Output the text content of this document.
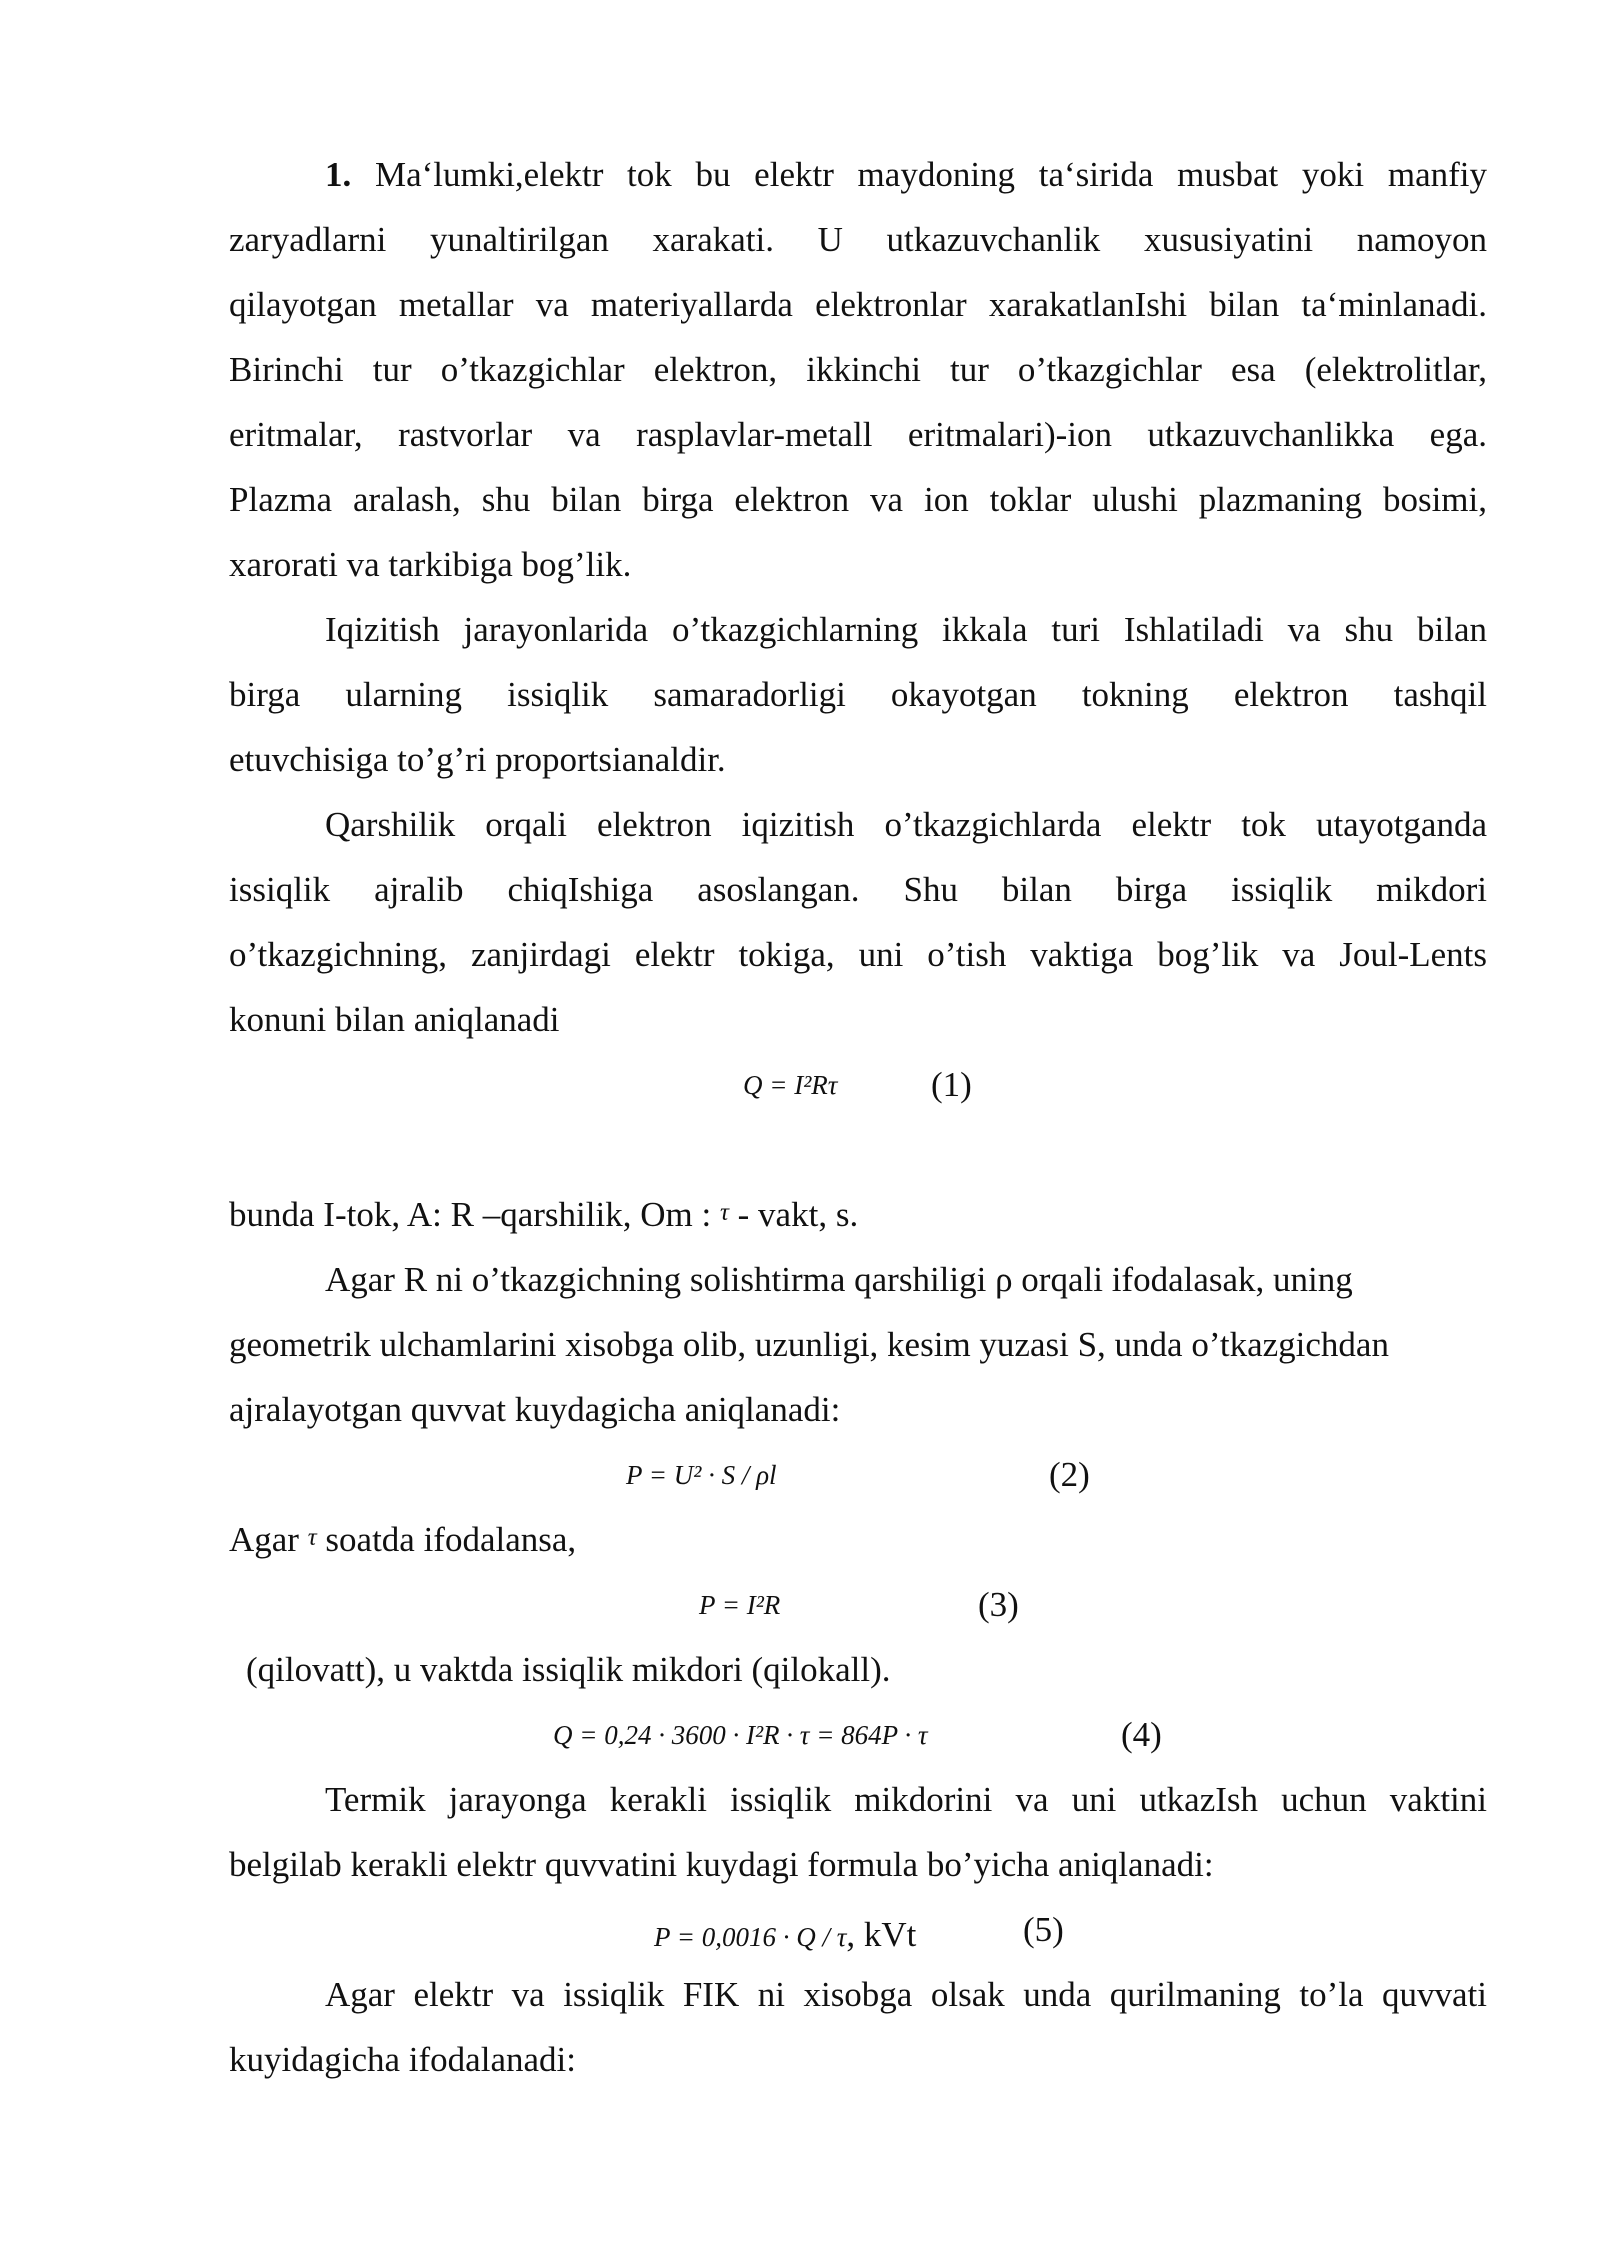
1. Ma‘lumki,elektr tok bu elektr maydoning ta‘sirida musbat yoki manfiy
zaryadlarni yunaltirilgan xarakati. U utkazuvchanlik xususiyatini namoyon
qilayotgan metallar va materiyallarda elektronlar xarakatlanIshi bilan ta‘minlanadi.
Birinchi tur o’tkazgichlar elektron, ikkinchi tur o’tkazgichlar esa (elektrolitlar,
eritmalar, rastvorlar va rasplavlar-metall eritmalari)-ion utkazuvchanlikka ega.
Plazma aralash, shu bilan birga elektron va ion toklar ulushi plazmaning bosimi,
xarorati va tarkibiga bog’lik.
Iqizitish jarayonlarida o’tkazgichlarning ikkala turi Ishlatiladi va shu bilan
birga ularning issiqlik samaradorligi okayotgan tokning elektron tashqil
etuvchisiga to’g’ri proportsianaldir.
Qarshilik orqali elektron iqizitish o’tkazgichlarda elektr tok utayotganda
issiqlik ajralib chiqIshiga asoslangan. Shu bilan birga issiqlik mikdori
o’tkazgichning, zanjirdagi elektr tokiga, uni o’tish vaktiga bog’lik va Joul-Lents
konuni bilan aniqlanadi
Q = I²Rτ	(1)
bunda I-tok, A: R –qarshilik, Om : τ - vakt, s.
Agar R ni o’tkazgichning solishtirma qarshiligi ρ orqali ifodalasak, uning
geometrik ulchamlarini xisobga olib, uzunligi, kesim yuzasi S, unda o’tkazgichdan
ajralayotgan quvvat kuydagicha aniqlanadi:
P = U² · S / ρl	(2)
Agar τ soatda ifodalansa,
P = I²R	(3)
(qilovatt), u vaktda issiqlik mikdori (qilokall).
Q = 0,24 · 3600 · I²R · τ = 864P · τ	(4)
Termik jarayonga kerakli issiqlik mikdorini va uni utkazIsh uchun vaktini
belgilab kerakli elektr quvvatini kuydagi formula bo’yicha aniqlanadi:
P = 0,0016 · Q / τ, kVt	(5)
Agar elektr va issiqlik FIK ni xisobga olsak unda qurilmaning to’la quvvati
kuyidagicha ifodalanadi:
